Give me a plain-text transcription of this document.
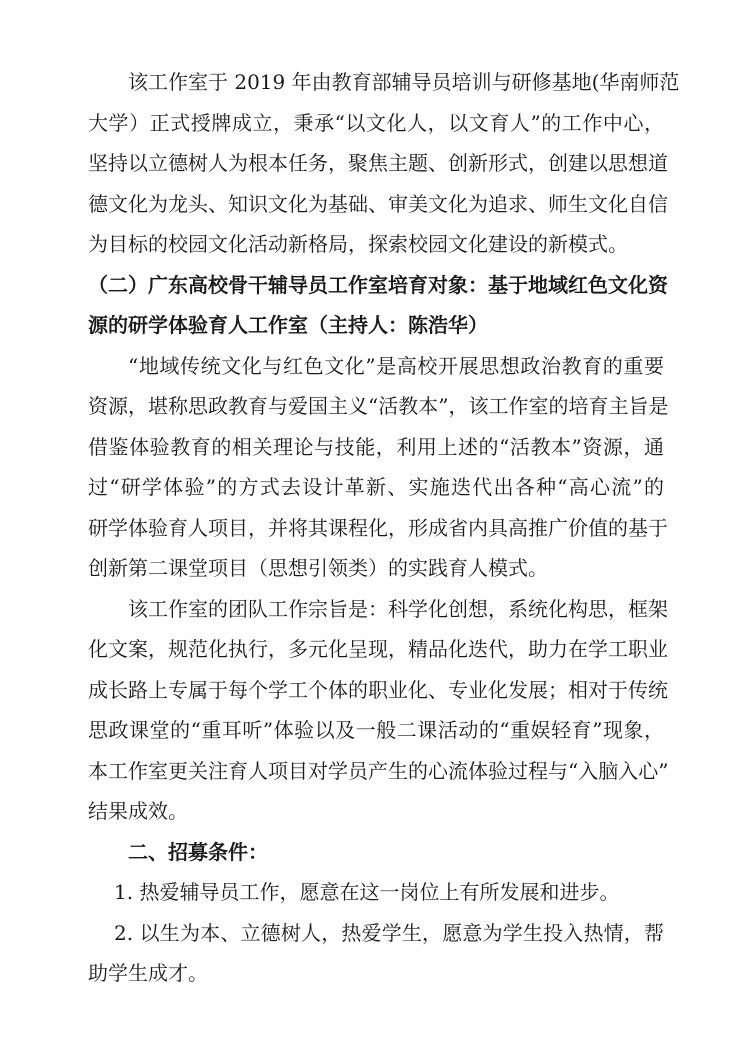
该工作室于 2019 年由教育部辅导员培训与研修基地(华南师范
大学）正式授牌成立，秉承“以文化人，以文育人”的工作中心，
坚持以立德树人为根本任务，聚焦主题、创新形式，创建以思想道
德文化为龙头、知识文化为基础、审美文化为追求、师生文化自信
为目标的校园文化活动新格局，探索校园文化建设的新模式。
（二）广东高校骨干辅导员工作室培育对象：基于地域红色文化资
源的研学体验育人工作室（主持人：陈浩华）
“地域传统文化与红色文化”是高校开展思想政治教育的重要
资源，堪称思政教育与爱国主义“活教本”，该工作室的培育主旨是
借鉴体验教育的相关理论与技能，利用上述的“活教本”资源，通
过“研学体验”的方式去设计革新、实施迭代出各种“高心流”的
研学体验育人项目，并将其课程化，形成省内具高推广价值的基于
创新第二课堂项目（思想引领类）的实践育人模式。
该工作室的团队工作宗旨是：科学化创想，系统化构思，框架
化文案，规范化执行，多元化呈现，精品化迭代，助力在学工职业
成长路上专属于每个学工个体的职业化、专业化发展；相对于传统
思政课堂的“重耳听”体验以及一般二课活动的“重娱轻育”现象，
本工作室更关注育人项目对学员产生的心流体验过程与“入脑入心”
结果成效。
二、招募条件：
1. 热爱辅导员工作，愿意在这一岗位上有所发展和进步。
2. 以生为本、立德树人，热爱学生，愿意为学生投入热情，帮
助学生成才。
